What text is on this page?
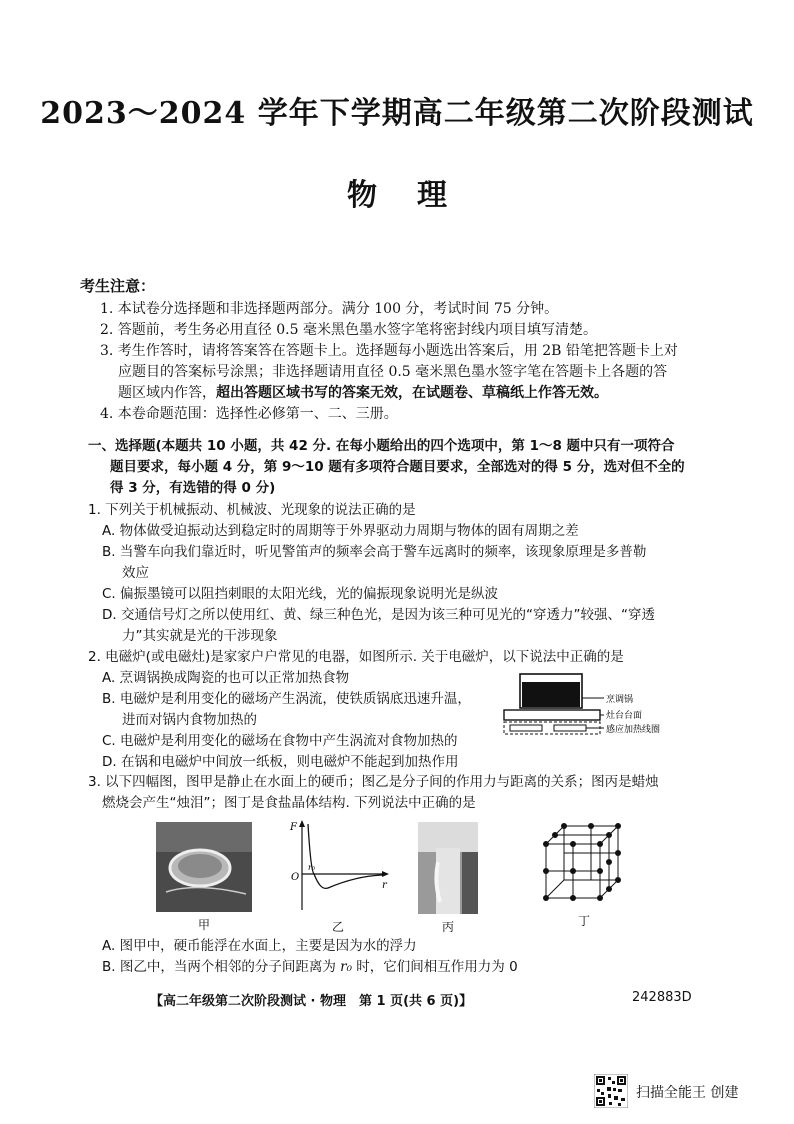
2023～2024 学年下学期高二年级第二次阶段测试
物理
考生注意：
1. 本试卷分选择题和非选择题两部分。满分 100 分，考试时间 75 分钟。
2. 答题前，考生务必用直径 0.5 毫米黑色墨水签字笔将密封线内项目填写清楚。
3. 考生作答时，请将答案答在答题卡上。选择题每小题选出答案后，用 2B 铅笔把答题卡上对
应题目的答案标号涂黑；非选择题请用直径 0.5 毫米黑色墨水签字笔在答题卡上各题的答
题区域内作答，超出答题区域书写的答案无效，在试题卷、草稿纸上作答无效。
4. 本卷命题范围：选择性必修第一、二、三册。
一、选择题(本题共 10 小题，共 42 分. 在每小题给出的四个选项中，第 1～8 题中只有一项符合
题目要求，每小题 4 分，第 9～10 题有多项符合题目要求，全部选对的得 5 分，选对但不全的
得 3 分，有选错的得 0 分)
1. 下列关于机械振动、机械波、光现象的说法正确的是
A. 物体做受迫振动达到稳定时的周期等于外界驱动力周期与物体的固有周期之差
B. 当警车向我们靠近时，听见警笛声的频率会高于警车远离时的频率，该现象原理是多普勒
效应
C. 偏振墨镜可以阻挡刺眼的太阳光线，光的偏振现象说明光是纵波
D. 交通信号灯之所以使用红、黄、绿三种色光，是因为该三种可见光的“穿透力”较强、“穿透
力”其实就是光的干涉现象
2. 电磁炉(或电磁灶)是家家户户常见的电器，如图所示. 关于电磁炉，以下说法中正确的是
A. 烹调锅换成陶瓷的也可以正常加热食物
B. 电磁炉是利用变化的磁场产生涡流，使铁质锅底迅速升温，
进而对锅内食物加热的
C. 电磁炉是利用变化的磁场在食物中产生涡流对食物加热的
D. 在锅和电磁炉中间放一纸板，则电磁炉不能起到加热作用
烹调锅
灶台台面
感应加热线圈
3. 以下四幅图，图甲是静止在水面上的硬币；图乙是分子间的作用力与距离的关系；图丙是蜡烛
燃烧会产生“烛泪”；图丁是食盐晶体结构. 下列说法中正确的是
甲
F
r
O
r₀
乙	丙	丁
A. 图甲中，硬币能浮在水面上，主要是因为水的浮力
B. 图乙中，当两个相邻的分子间距离为 r₀ 时，它们间相互作用力为 0
【高二年级第二次阶段测试 · 物理　第 1 页(共 6 页)】	242883D
扫描全能王 创建
